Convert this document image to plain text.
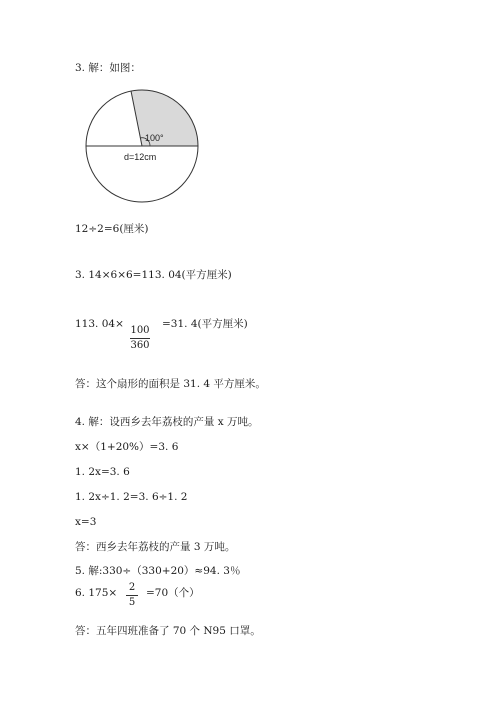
3. 解：如图：
100°
d=12cm
12÷2=6(厘米)
3. 14×6×6=113. 04(平方厘米)
113. 04×
100
360
=31. 4(平方厘米)
答：这个扇形的面积是 31. 4 平方厘米。
4. 解：设西乡去年荔枝的产量 x 万吨。
x×（1+20%）=3. 6
1. 2x=3. 6
1. 2x÷1. 2=3. 6÷1. 2
x=3
答：西乡去年荔枝的产量 3 万吨。
5. 解:330÷（330+20）≈94. 3％
6. 175× 2
5
=70（个）
答：五年四班准备了 70 个 N95 口罩。
